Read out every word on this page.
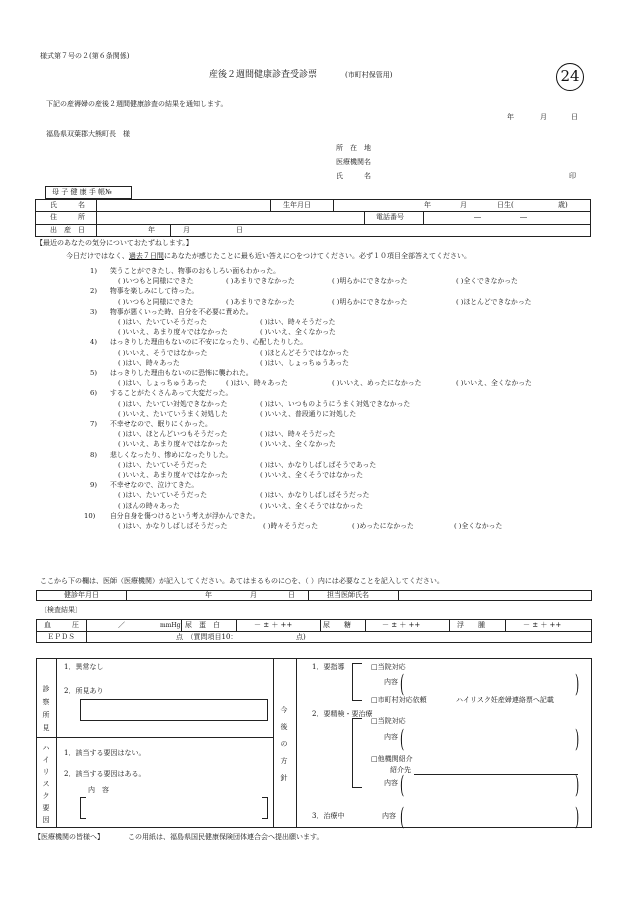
様式第７号の２(第６条関係)
産後２週間健康診査受診票	(市町村保管用)	24
下記の産褥婦の産後２週間健康診査の結果を通知します。
年	月	日
福島県双葉郡大熊町長　様
所　在　地
医療機関名
氏　　　名	印
母 子 健 康 手 帳№
氏　　　名	生年月日	年	月	日生(	歳)
住　　　所	電話番号	―	―
出　産　日	年	月	日
【最近のあなたの気分についておたずねします。】
今日だけではなく、過去７日間にあなたが感じたことに最も近い答えに○をつけてください。必ず１０項目全部答えてください。
1) 笑うことができたし、物事のおもしろい面もわかった。
( )いつもと同様にできた	( )あまりできなかった	( )明らかにできなかった	( )全くできなかった
2) 物事を楽しみにして待った。
( )いつもと同様にできた	( )あまりできなかった	( )明らかにできなかった	( )ほとんどできなかった
3) 物事が悪くいった時、自分を不必要に責めた。
( )はい、たいていそうだった	( )はい、時々そうだった
( )いいえ、あまり度々ではなかった	( )いいえ、全くなかった
4) はっきりした理由もないのに不安になったり、心配したりした。
( )いいえ、そうではなかった	( )ほとんどそうではなかった
( )はい、時々あった	( )はい、しょっちゅうあった
5) はっきりした理由もないのに恐怖に襲われた。
( )はい、しょっちゅうあった	( )はい、時々あった	( )いいえ、めったになかった	( )いいえ、全くなかった
6) することがたくさんあって大変だった。
( )はい、たいてい対処できなかった	( )はい、いつものようにうまく対処できなかった
( )いいえ、たいていうまく対処した	( )いいえ、普段通りに対処した
7) 不幸せなので、眠りにくかった。
( )はい、ほとんどいつもそうだった	( )はい、時々そうだった
( )いいえ、あまり度々ではなかった	( )いいえ、全くなかった
8) 悲しくなったり、惨めになったりした。
( )はい、たいていそうだった	( )はい、かなりしばしばそうであった
( )いいえ、あまり度々ではなかった	( )いいえ、全くそうではなかった
9) 不幸せなので、泣けてきた。
( )はい、たいていそうだった	( )はい、かなりしばしばそうだった
( )ほんの時々あった	( )いいえ、全くそうではなかった
10) 自分自身を傷つけるという考えが浮かんできた。
( )はい、かなりしばしばそうだった	( )時々そうだった	( )めったになかった	( )全くなかった
ここから下の欄は、医師（医療機関）が記入してください。あてはまるものに○を、（ ）内には必要なことを記入してください。
健診年月日	年	月	日	担当医師氏名
〔検査結果〕
血　　　圧	／	mmHg 尿　蛋　白	－ ± ＋ ++	尿　　糖	－ ± ＋ ++	浮　　腫	－ ± ＋ ++
ＥＰＤＳ	点　（質問項目10：	点)
診察所見
1．異常なし
2．所見あり
ハイリスク要因
1．該当する要因はない。
2．該当する要因はある。
内　容
今後の方針
1．要指導	□当院対応
内容 (	)
□市町村対応依頼	ハイリスク妊産婦連絡票へ記載
2．要精検・要治療
□当院対応
内容 (	)
□他機関紹介
紹介先
内容 (	)
3．治療中	内容 (	)
【医療機関の皆様へ】	この用紙は、福島県国民健康保険団体連合会へ提出願います。
